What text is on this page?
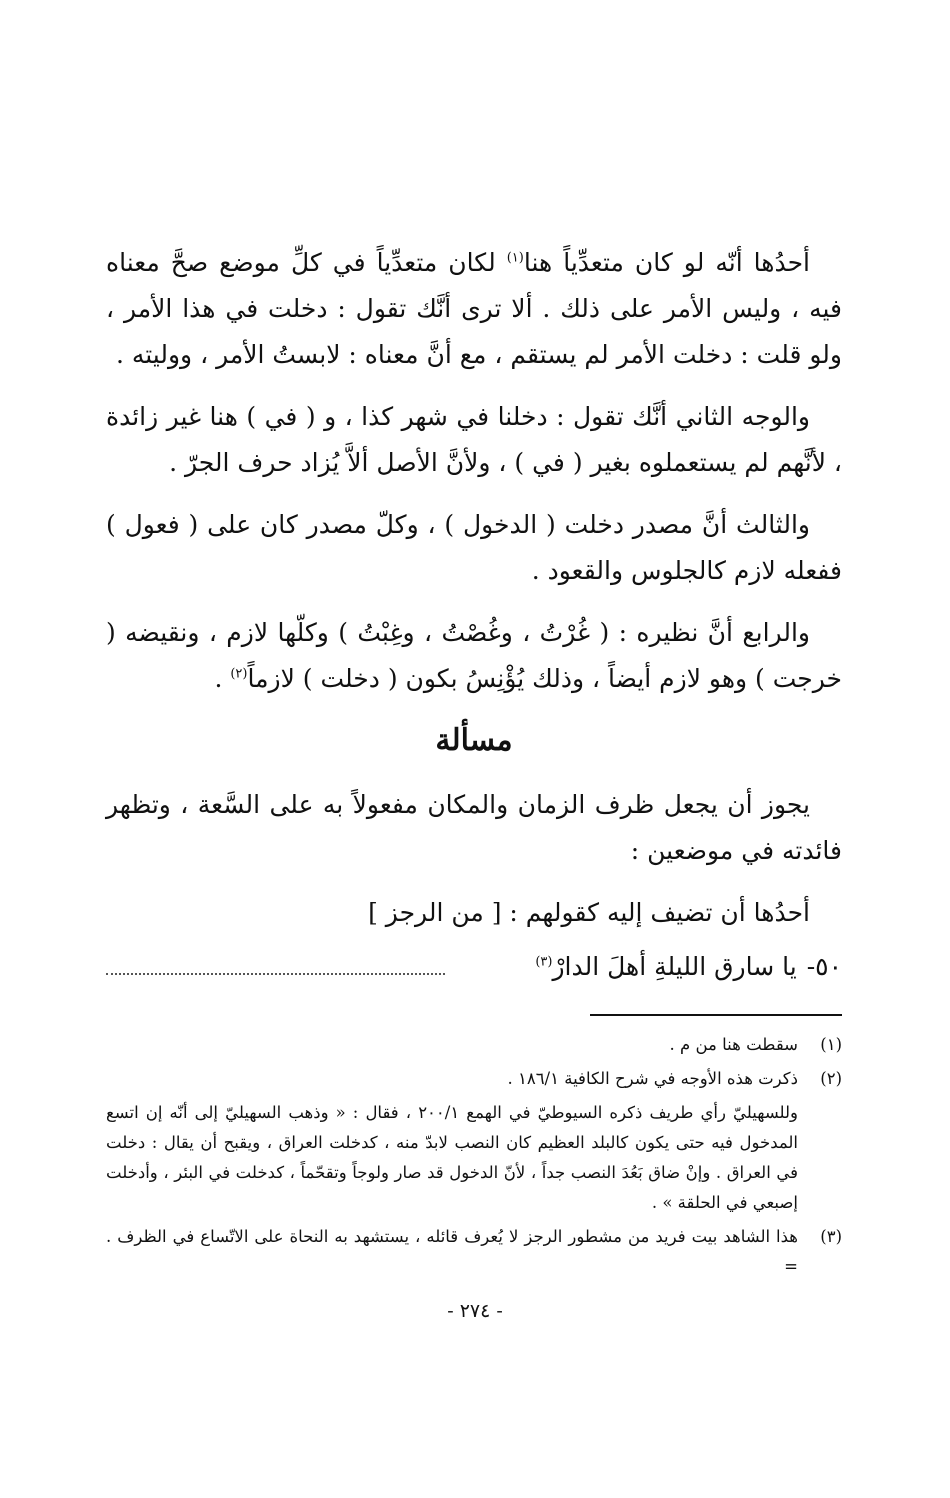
أحدُها أنّه لو كان متعدِّياً هنا$^{(١)}$ لكان متعدِّياً في كلِّ موضع صحَّ معناه فيه ، وليس الأمر على ذلك . ألا ترى أنَّك تقول : دخلت في هذا الأمر ، ولو قلت : دخلت الأمر لم يستقم ، مع أنَّ معناه : لابستُ الأمر ، ووليته .

والوجه الثاني أنَّك تقول : دخلنا في شهر كذا ، و ( في ) هنا غير زائدة ، لأنَّهم لم يستعملوه بغير ( في ) ، ولأنَّ الأصل ألاَّ يُزاد حرف الجرّ .

والثالث أنَّ مصدر دخلت ( الدخول ) ، وكلّ مصدر كان على ( فعول ) ففعله لازم كالجلوس والقعود .

والرابع أنَّ نظيره : ( غُرْتُ ، وغُصْتُ ، وغِبْتُ ) وكلّها لازم ، ونقيضه ( خرجت ) وهو لازم أيضاً ، وذلك يُؤْنِسُ بكون ( دخلت ) لازماً$^{(٢)}$ .

مسألة

يجوز أن يجعل ظرف الزمان والمكان مفعولاً به على السَّعة ، وتظهر فائدته في موضعين :

أحدُها أن تضيف إليه كقولهم : [ من الرجز ]

٥٠-
يا سارق الليلةِ أهلَ الدارْ$^{(٣)}$
(١)
سقطت هنا من م .
(٢)
ذكرت هذه الأوجه في شرح الكافية ١٨٦/١ .
وللسهيليّ رأي طريف ذكره السيوطيّ في الهمع ٢٠٠/١ ، فقال : « وذهب السهيليّ إلى أنّه إن اتسع المدخول فيه حتى يكون كالبلد العظيم كان النصب لابدّ منه ، كدخلت العراق ، ويقبح أن يقال : دخلت في العراق . وإنْ ضاق بَعُدَ النصب جداً ، لأنّ الدخول قد صار ولوجاً وتقحّماً ، كدخلت في البئر ، وأدخلت إصبعي في الحلقة » .
(٣)
هذا الشاهد بيت فريد من مشطور الرجز لا يُعرف قائله ، يستشهد به النحاة على الاتّساع في الظرف . =
- ٢٧٤ -
